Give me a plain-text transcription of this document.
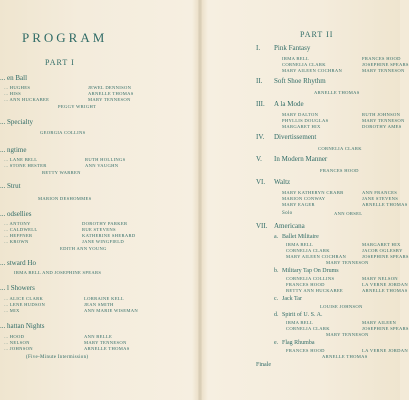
PROGRAM
PART I
... en Ball
... HUGHES	JEWEL DENNISON
... HISS	ARNELLE THOMAS
... ANN HUCKABEE	MARY TENNESON
PEGGY WRIGHT
... Specialty
GEORGIA COLLINS
... ngtime
... LANE BELL	RUTH HOLLINGS
... STONE HESTER	ANN VAUGHN
BETTY WARREN
... Strut
MARION DESHOMMES
... odsellies
... ANTONY	DOROTHY PARKER
... CALDWELL	RUE STEVENS
... HEFFNER	KATHERINE SHERARD
... KROWN	JANE WINGFIELD
EDITH ANN YOUNG
... stward Ho
IRMA BELL AND JOSEPHINE SPEARS
... l Showers
... ALICE CLARK	LORRAINE KELL
... LENE HUDSON	JEAN SMITH
... MIX	ANN MARIE WISEMAN
... hattan Nights
... HOOD	ANN BELLE
... NELSON	MARY TENNESON
... JOHNSON	ARNELLE THOMAS
(Five-Minute Intermission)
PART II
I. Pink Fantasy
IRMA BELL	FRANCES HOOD
CORNELIA CLARK	JOSEPHINE SPEARS
MARY AILEEN COCHRAN	MARY TENNESON
II. Soft Shoe Rhythm
ARNELLE THOMAS
III. A la Mode
MARY DALTON	RUTH JOHNSON
PHYLLIS DOUGLAS	MARY TENNESON
MARGARET HIX	DOROTHY AMES
IV. Divertissement
CORNELIA CLARK
V. In Modern Manner
FRANCES HOOD
VI. Waltz
MARY KATHERYN CRABB	ANN FRANCES
MARION CONWAY	JANE STEVENS
MARY EAGER	ARNELLE THOMAS
Solo	ANN ORSEL
VII. Americana
a. Ballet Militaire
IRMA BELL	MARGARET HIX
CORNELIA CLARK	JACOB OGLESBY
MARY AILEEN COCHRAN	JOSEPHINE SPEARS
MARY TENNESON
b. Military Tap On Drums
CORNELIA COLLINS	MARY NELSON
FRANCES HOOD	LA VERNE JORDAN
BETTY ANN HUCKABEE	ARNELLE THOMAS
c. Jack Tar
LOUISE JOHNSON
d. Spirit of U. S. A.
IRMA BELL	MARY AILEEN
CORNELIA CLARK	JOSEPHINE SPEARS
MARY TENNESON
e. Flag Rhumba
FRANCES HOOD	LA VERNE JORDAN
ARNELLE THOMAS
Finale
